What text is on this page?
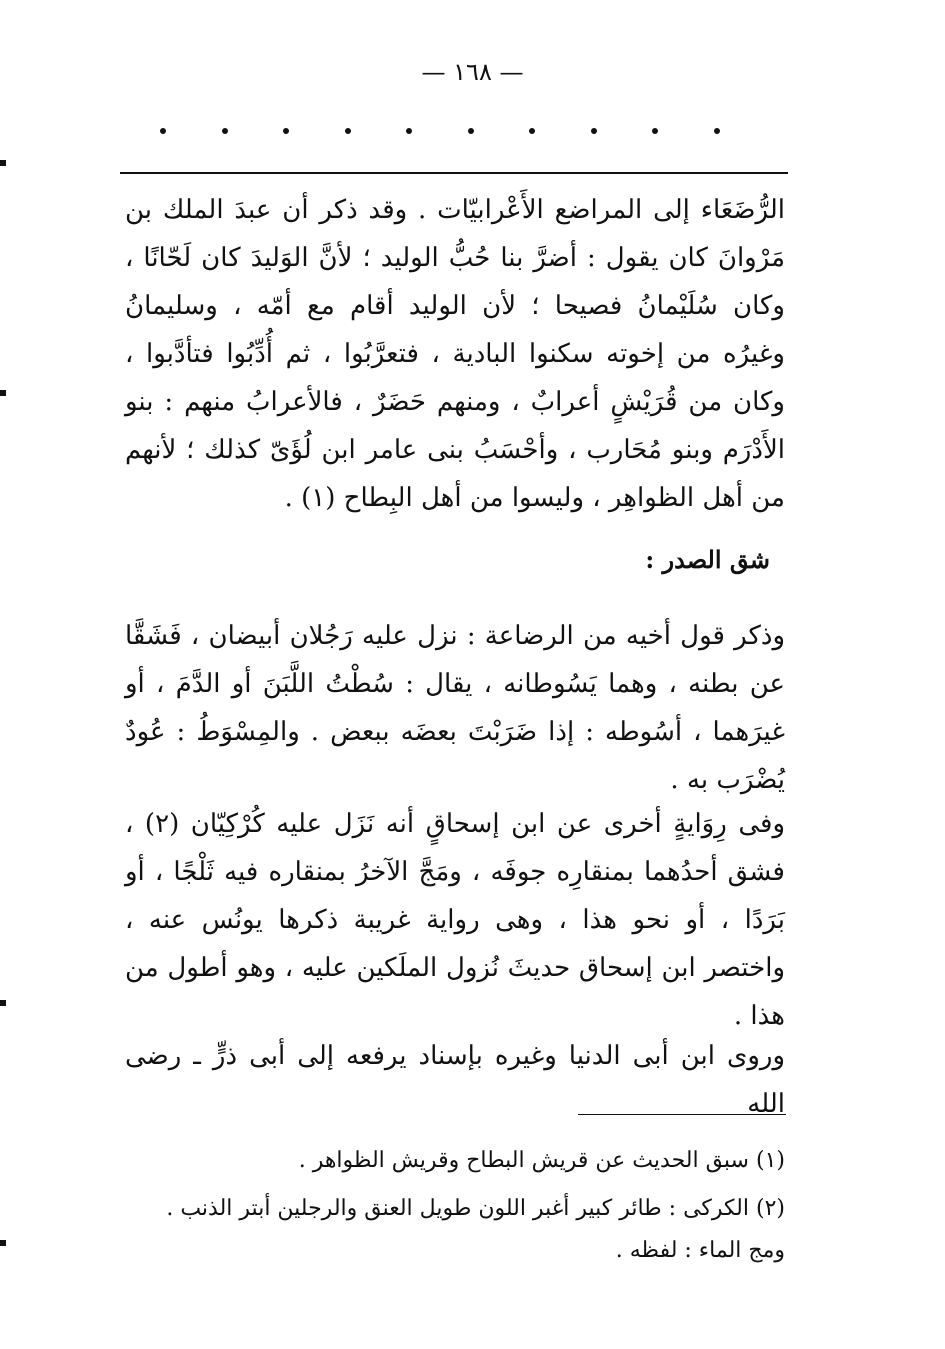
— ١٦٨ —

الرُّضَعَاء إلى المراضع الأَعْرابيّات . وقد ذكر أن عبدَ الملك بن مَرْوانَ كان يقول : أضرَّ بنا حُبُّ الوليد ؛ لأنَّ الوَليدَ كان لَحّانًا ، وكان سُلَيْمانُ فصيحا ؛ لأن الوليد أقام مع أمّه ، وسليمانُ وغيرُه من إخوته سكنوا البادية ، فتعرَّبُوا ، ثم أُدِّبُوا فتأدَّبوا ، وكان من قُرَيْشٍ أعرابٌ ، ومنهم حَضَرٌ ، فالأعرابُ منهم : بنو الأَدْرَم وبنو مُحَارب ، وأحْسَبُ بنى عامر ابن لُؤَىّ كذلك ؛ لأنهم من أهل الظواهِر ، وليسوا من أهل البِطاح (١) .

شق الصدر :

وذكر قول أخيه من الرضاعة : نزل عليه رَجُلان أبيضان ، فَشَقَّا عن بطنه ، وهما يَسُوطانه ، يقال : سُطْتُ اللَّبَنَ أو الدَّمَ ، أو غيرَهما ، أسُوطه : إذا ضَرَبْتَ بعضَه ببعض . والمِسْوَطُ : عُودٌ يُضْرَب به .

وفى رِوَايةٍ أخرى عن ابن إسحاقٍ أنه نَزَل عليه كُرْكِيّان (٢) ، فشق أحدُهما بمنقارِه جوفَه ، ومَجَّ الآخرُ بمنقاره فيه ثَلْجًا ، أو بَرَدًا ، أو نحو هذا ، وهى رواية غريبة ذكرها يونُس عنه ، واختصر ابن إسحاق حديثَ نُزول الملَكين عليه ، وهو أطول من هذا .

وروى ابن أبى الدنيا وغيره بإسناد يرفعه إلى أبى ذرٍّ ـ رضى الله

(١) سبق الحديث عن قريش البطاح وقريش الظواهر .

(٢) الكركى : طائر كبير أغبر اللون طويل العنق والرجلين أبتر الذنب . ومج الماء : لفظه .
